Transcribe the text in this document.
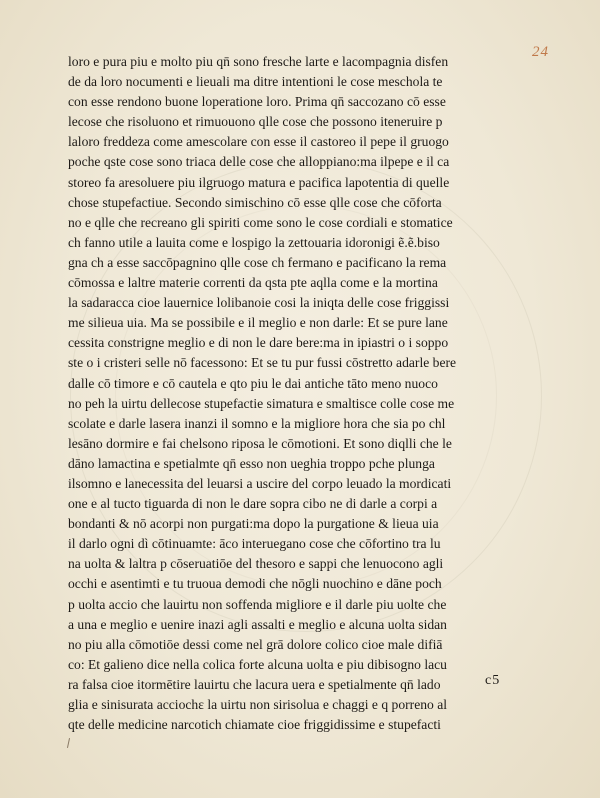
24
loro e pura piu e molto piu qn̄ sono fresche larte e lacompagnia disfen
de da loro nocumenti e lieuali ma ditre intentioni le cose meschola te
con esse rendono buone loperatione loro. Prima qn̄ saccozano cō esse
lecose che risoluono et rimuouono qlle cose che possono iteneruire p
laloro freddeza come amescolare con esse il castoreo il pepe il gruogo
poche qste cose sono triaca delle cose che alloppiano:ma ilpepe e il ca
storeo fa aresoluere piu ilgruogo matura e pacifica lapotentia di quelle
chose stupefactiue. Secondo simischino cō esse qlle cose che cōforta
no e qlle che recreano gli spiriti come sono le cose cordiali e stomatice
ch fanno utile a lauita come e lospigo la zettouaria idoronigi ẽ.ẽ.biso
gna ch a esse saccōpagnino qlle cose ch fermano e pacificano la rema
cōmossa e laltre materie correnti da qsta pte aqlla come e la mortina
la sadaracca cioe lauernice lolibanoie cosi la iniqta delle cose friggissi
me silieua uia. Ma se possibile e il meglio e non darle: Et se pure lane
cessita constrigne meglio e di non le dare bere:ma in ipiastri o i soppo
ste o i cristeri selle nō facessono: Et se tu pur fussi cōstretto adarle bere
dalle cō timore e cō cautela e qto piu le dai antiche tāto meno nuoco
no peh la uirtu dellecose stupefactie simatura e smaltisce colle cose me
scolate e darle lasera inanzi il somno e la migliore hora che sia po chl
lesāno dormire e fai chelsono riposa le cōmotioni. Et sono diqlli che le
dāno lamactina e spetialmte qn̄ esso non ueghia troppo pche plunga
ilsomno e lanecessita del leuarsi a uscire del corpo leuado la mordicati
one e al tucto tiguarda di non le dare sopra cibo ne di darle a corpi a
bondanti & nō acorpi non purgati:ma dopo la purgatione & lieua uia
il darlo ogni dì cōtinuamte: āco interuegano cose che cōfortino tra lu
na uolta & laltra p cōseruatiōe del thesoro e sappi che lenuocono agli
occhi e asentimti e tu truoua demodi che nōgli nuochino e dāne poch
p uolta accio che lauirtu non soffenda migliore e il darle piu uolte che
a una e meglio e uenire inazi agli assalti e meglio e alcuna uolta sidan
no piu alla cōmotiōe dessi come nel grā dolore colico cioe male difiā
co: Et galieno dice nella colica forte alcuna uolta e piu dibisogno lacu
ra falsa cioe itormētire lauirtu che lacura uera e spetialmente qn̄ lado
glia e sinisurata acciochε la uirtu non sirisolua e chaggi e q porreno al
qte delle medicine narcotich chiamate cioe friggidissime e stupefacti
c5
